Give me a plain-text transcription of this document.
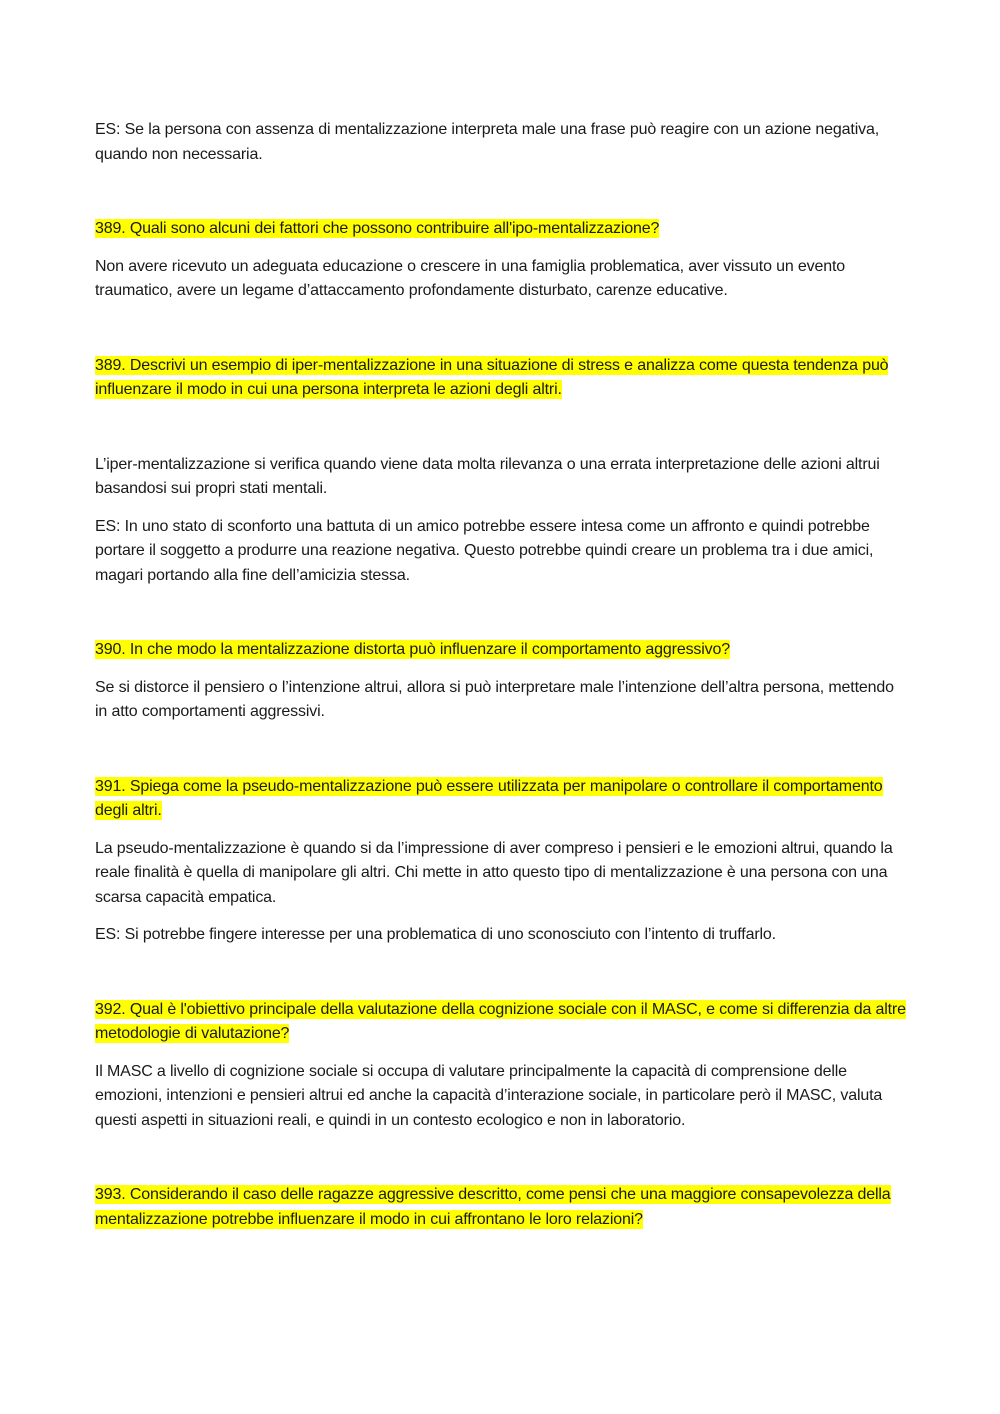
ES: Se la persona con assenza di mentalizzazione interpreta male una frase può reagire con un azione negativa, quando non necessaria.

389. Quali sono alcuni dei fattori che possono contribuire all'ipo-mentalizzazione?

Non avere ricevuto un adeguata educazione o crescere in una famiglia problematica, aver vissuto un evento traumatico, avere un legame d’attaccamento profondamente disturbato, carenze educative.

389. Descrivi un esempio di iper-mentalizzazione in una situazione di stress e analizza come questa tendenza può influenzare il modo in cui una persona interpreta le azioni degli altri.

L’iper-mentalizzazione si verifica quando viene data molta rilevanza o una errata interpretazione delle azioni altrui basandosi sui propri stati mentali.

ES: In uno stato di sconforto una battuta di un amico potrebbe essere intesa come un affronto e quindi potrebbe portare il soggetto a produrre una reazione negativa. Questo potrebbe quindi creare un problema tra i due amici, magari portando alla fine dell’amicizia stessa.

390. In che modo la mentalizzazione distorta può influenzare il comportamento aggressivo?

Se si distorce il pensiero o l’intenzione altrui, allora si può interpretare male l’intenzione dell’altra persona, mettendo in atto comportamenti aggressivi.

391. Spiega come la pseudo-mentalizzazione può essere utilizzata per manipolare o controllare il comportamento degli altri.

La pseudo-mentalizzazione è quando si da l’impressione di aver compreso i pensieri e le emozioni altrui, quando la reale finalità è quella di manipolare gli altri. Chi mette in atto questo tipo di mentalizzazione è una persona con una scarsa capacità empatica.

ES: Si potrebbe fingere interesse per una problematica di uno sconosciuto con l’intento di truffarlo.

392. Qual è l'obiettivo principale della valutazione della cognizione sociale con il MASC, e come si differenzia da altre metodologie di valutazione?

Il MASC a livello di cognizione sociale si occupa di valutare principalmente la capacità di comprensione delle emozioni, intenzioni e pensieri altrui ed anche la capacità d’interazione sociale, in particolare però il MASC, valuta questi aspetti in situazioni reali, e quindi in un contesto ecologico e non in laboratorio.

393. Considerando il caso delle ragazze aggressive descritto, come pensi che una maggiore consapevolezza della mentalizzazione potrebbe influenzare il modo in cui affrontano le loro relazioni?
